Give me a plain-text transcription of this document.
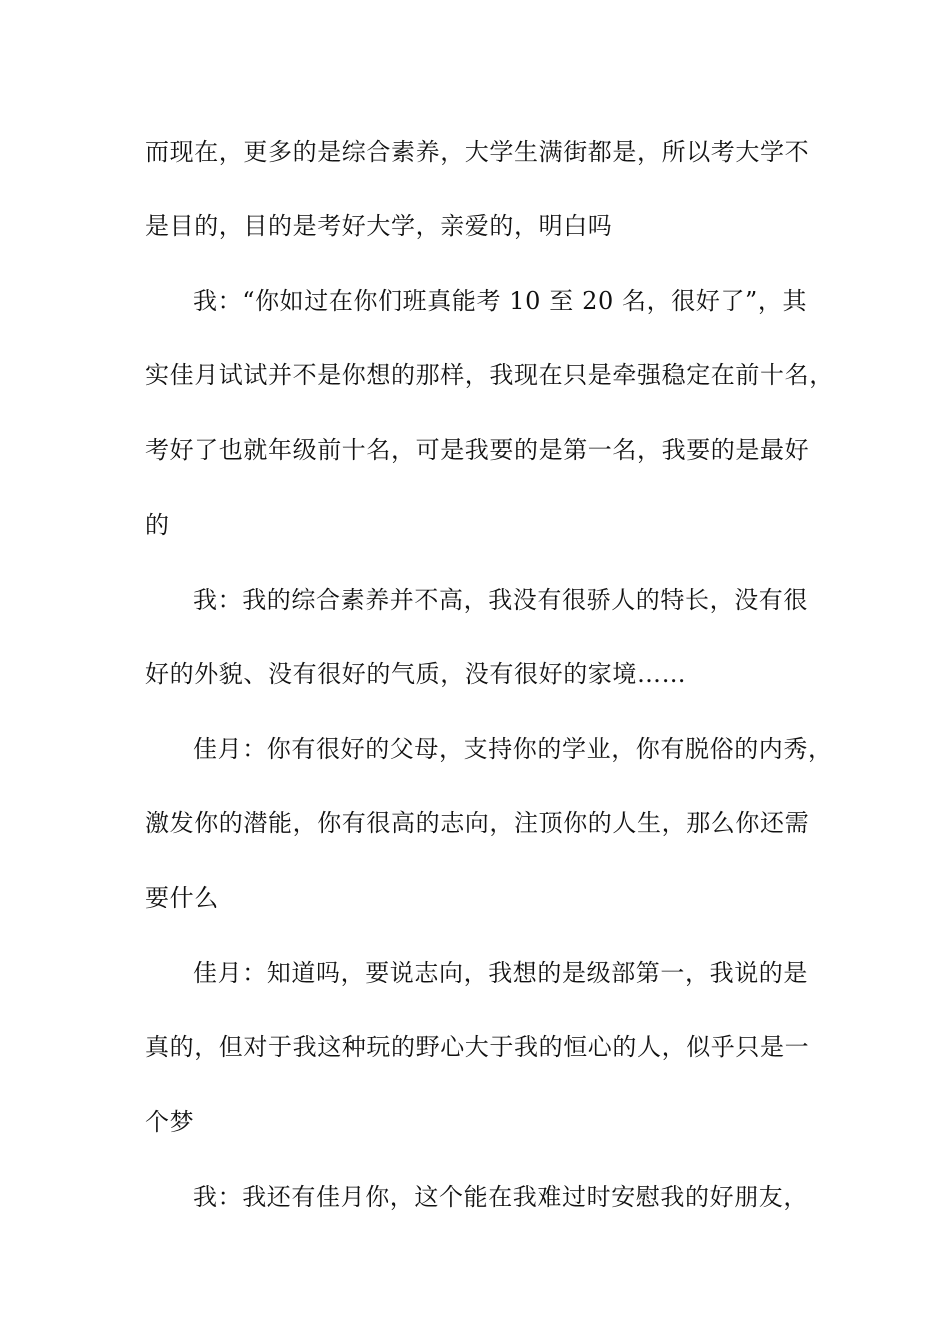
而现在，更多的是综合素养，大学生满街都是，所以考大学不
是目的，目的是考好大学，亲爱的，明白吗
我：“你如过在你们班真能考 10 至 20 名，很好了”，其
实佳月试试并不是你想的那样，我现在只是牵强稳定在前十名，
考好了也就年级前十名，可是我要的是第一名，我要的是最好
的
我：我的综合素养并不高，我没有很骄人的特长，没有很
好的外貌、没有很好的气质，没有很好的家境……
佳月：你有很好的父母，支持你的学业，你有脱俗的内秀，
激发你的潜能，你有很高的志向，注顶你的人生，那么你还需
要什么
佳月：知道吗，要说志向，我想的是级部第一，我说的是
真的，但对于我这种玩的野心大于我的恒心的人，似乎只是一
个梦
我：我还有佳月你，这个能在我难过时安慰我的好朋友，
